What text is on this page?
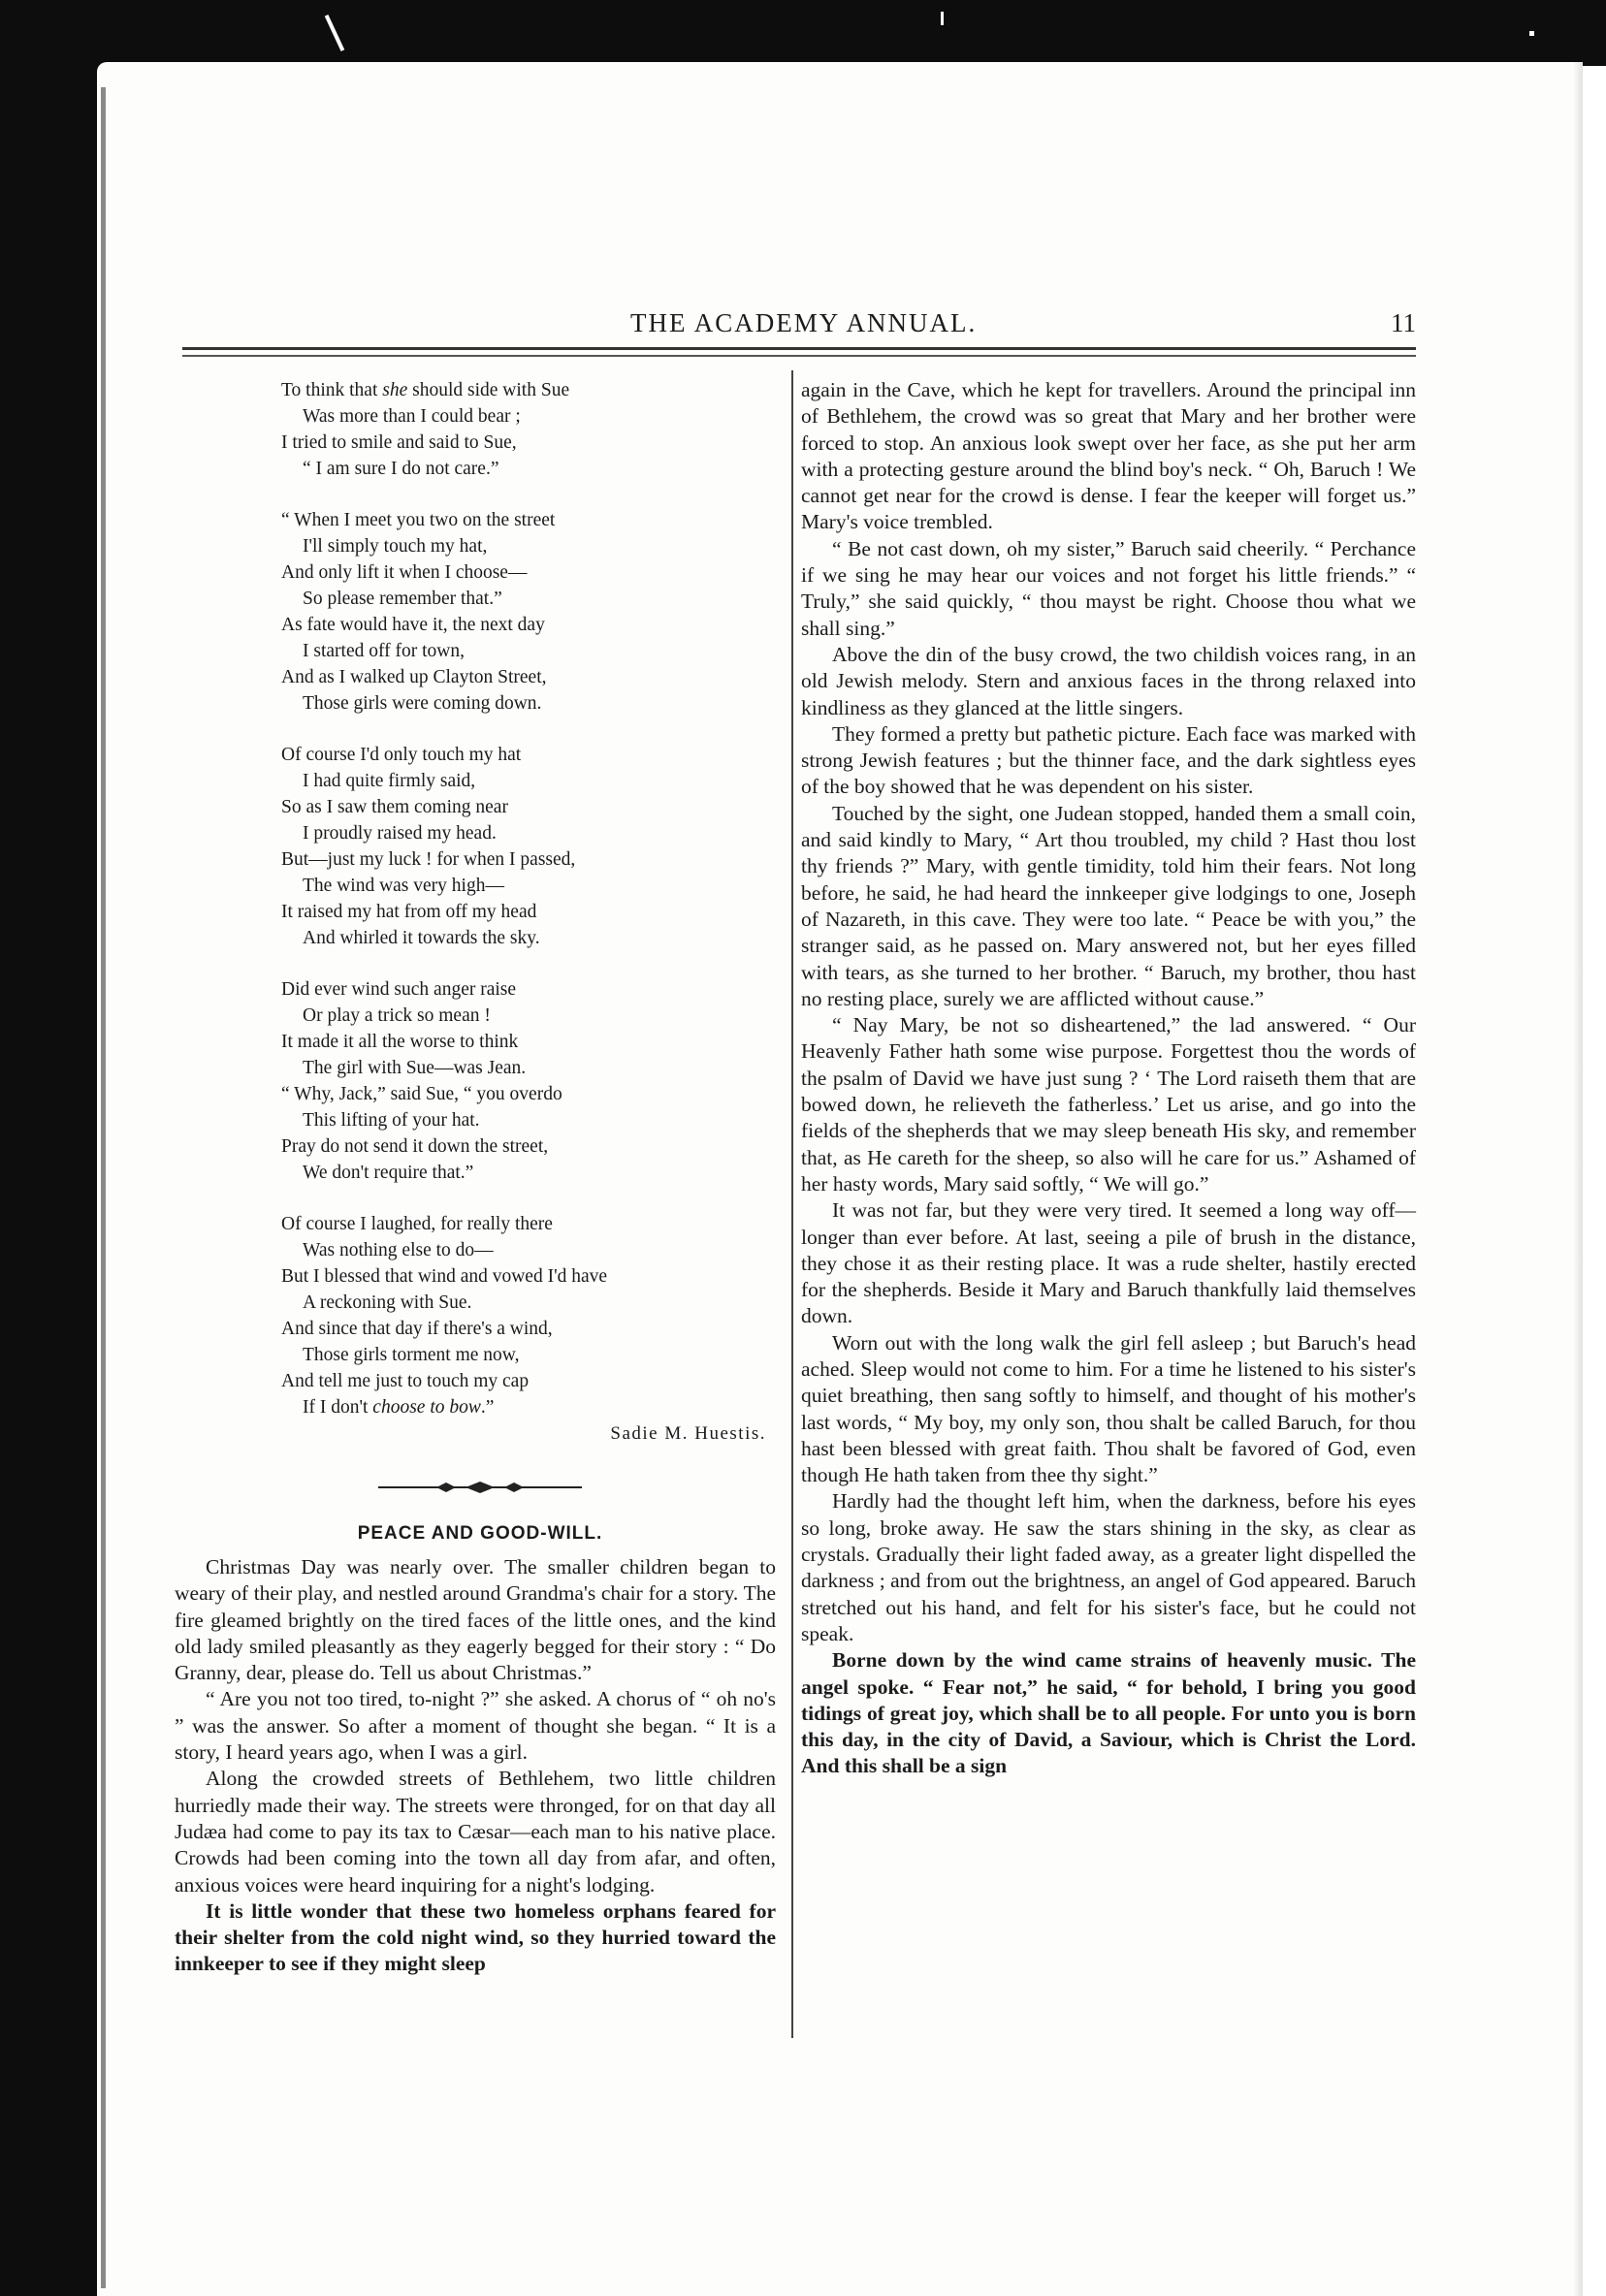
THE ACADEMY ANNUAL.	11
To think that she should side with Sue
Was more than I could bear ;
I tried to smile and said to Sue,
“ I am sure I do not care.”
“ When I meet you two on the street
I'll simply touch my hat,
And only lift it when I choose—
So please remember that.”
As fate would have it, the next day
I started off for town,
And as I walked up Clayton Street,
Those girls were coming down.
Of course I'd only touch my hat
I had quite firmly said,
So as I saw them coming near
I proudly raised my head.
But—just my luck ! for when I passed,
The wind was very high—
It raised my hat from off my head
And whirled it towards the sky.
Did ever wind such anger raise
Or play a trick so mean !
It made it all the worse to think
The girl with Sue—was Jean.
“ Why, Jack,” said Sue, “ you overdo
This lifting of your hat.
Pray do not send it down the street,
We don't require that.”
Of course I laughed, for really there
Was nothing else to do—
But I blessed that wind and vowed I'd have
A reckoning with Sue.
And since that day if there's a wind,
Those girls torment me now,
And tell me just to touch my cap
If I don't choose to bow.”
Sadie M. Huestis.
PEACE AND GOOD-WILL.

Christmas Day was nearly over. The smaller children began to weary of their play, and nestled around Grandma's chair for a story. The fire gleamed brightly on the tired faces of the little ones, and the kind old lady smiled pleasantly as they eagerly begged for their story : “ Do Granny, dear, please do. Tell us about Christmas.”

“ Are you not too tired, to-night ?” she asked. A chorus of “ oh no's ” was the answer. So after a moment of thought she began. “ It is a story, I heard years ago, when I was a girl.

Along the crowded streets of Bethlehem, two little children hurriedly made their way. The streets were thronged, for on that day all Judæa had come to pay its tax to Cæsar—each man to his native place. Crowds had been coming into the town all day from afar, and often, anxious voices were heard inquiring for a night's lodging.

It is little wonder that these two homeless orphans feared for their shelter from the cold night wind, so they hurried toward the innkeeper to see if they might sleep

again in the Cave, which he kept for travellers. Around the principal inn of Bethlehem, the crowd was so great that Mary and her brother were forced to stop. An anxious look swept over her face, as she put her arm with a protecting gesture around the blind boy's neck. “ Oh, Baruch ! We cannot get near for the crowd is dense. I fear the keeper will forget us.” Mary's voice trembled.

“ Be not cast down, oh my sister,” Baruch said cheerily. “ Perchance if we sing he may hear our voices and not forget his little friends.” “ Truly,” she said quickly, “ thou mayst be right. Choose thou what we shall sing.”

Above the din of the busy crowd, the two childish voices rang, in an old Jewish melody. Stern and anxious faces in the throng relaxed into kindliness as they glanced at the little singers.

They formed a pretty but pathetic picture. Each face was marked with strong Jewish features ; but the thinner face, and the dark sightless eyes of the boy showed that he was dependent on his sister.

Touched by the sight, one Judean stopped, handed them a small coin, and said kindly to Mary, “ Art thou troubled, my child ? Hast thou lost thy friends ?” Mary, with gentle timidity, told him their fears. Not long before, he said, he had heard the innkeeper give lodgings to one, Joseph of Nazareth, in this cave. They were too late. “ Peace be with you,” the stranger said, as he passed on. Mary answered not, but her eyes filled with tears, as she turned to her brother. “ Baruch, my brother, thou hast no resting place, surely we are afflicted without cause.”

“ Nay Mary, be not so disheartened,” the lad answered. “ Our Heavenly Father hath some wise purpose. Forgettest thou the words of the psalm of David we have just sung ? ‘ The Lord raiseth them that are bowed down, he relieveth the fatherless.’ Let us arise, and go into the fields of the shepherds that we may sleep beneath His sky, and remember that, as He careth for the sheep, so also will he care for us.” Ashamed of her hasty words, Mary said softly, “ We will go.”

It was not far, but they were very tired. It seemed a long way off—longer than ever before. At last, seeing a pile of brush in the distance, they chose it as their resting place. It was a rude shelter, hastily erected for the shepherds. Beside it Mary and Baruch thankfully laid themselves down.

Worn out with the long walk the girl fell asleep ; but Baruch's head ached. Sleep would not come to him. For a time he listened to his sister's quiet breathing, then sang softly to himself, and thought of his mother's last words, “ My boy, my only son, thou shalt be called Baruch, for thou hast been blessed with great faith. Thou shalt be favored of God, even though He hath taken from thee thy sight.”

Hardly had the thought left him, when the darkness, before his eyes so long, broke away. He saw the stars shining in the sky, as clear as crystals. Gradually their light faded away, as a greater light dispelled the darkness ; and from out the brightness, an angel of God appeared. Baruch stretched out his hand, and felt for his sister's face, but he could not speak.

Borne down by the wind came strains of heavenly music. The angel spoke. “ Fear not,” he said, “ for behold, I bring you good tidings of great joy, which shall be to all people. For unto you is born this day, in the city of David, a Saviour, which is Christ the Lord. And this shall be a sign
